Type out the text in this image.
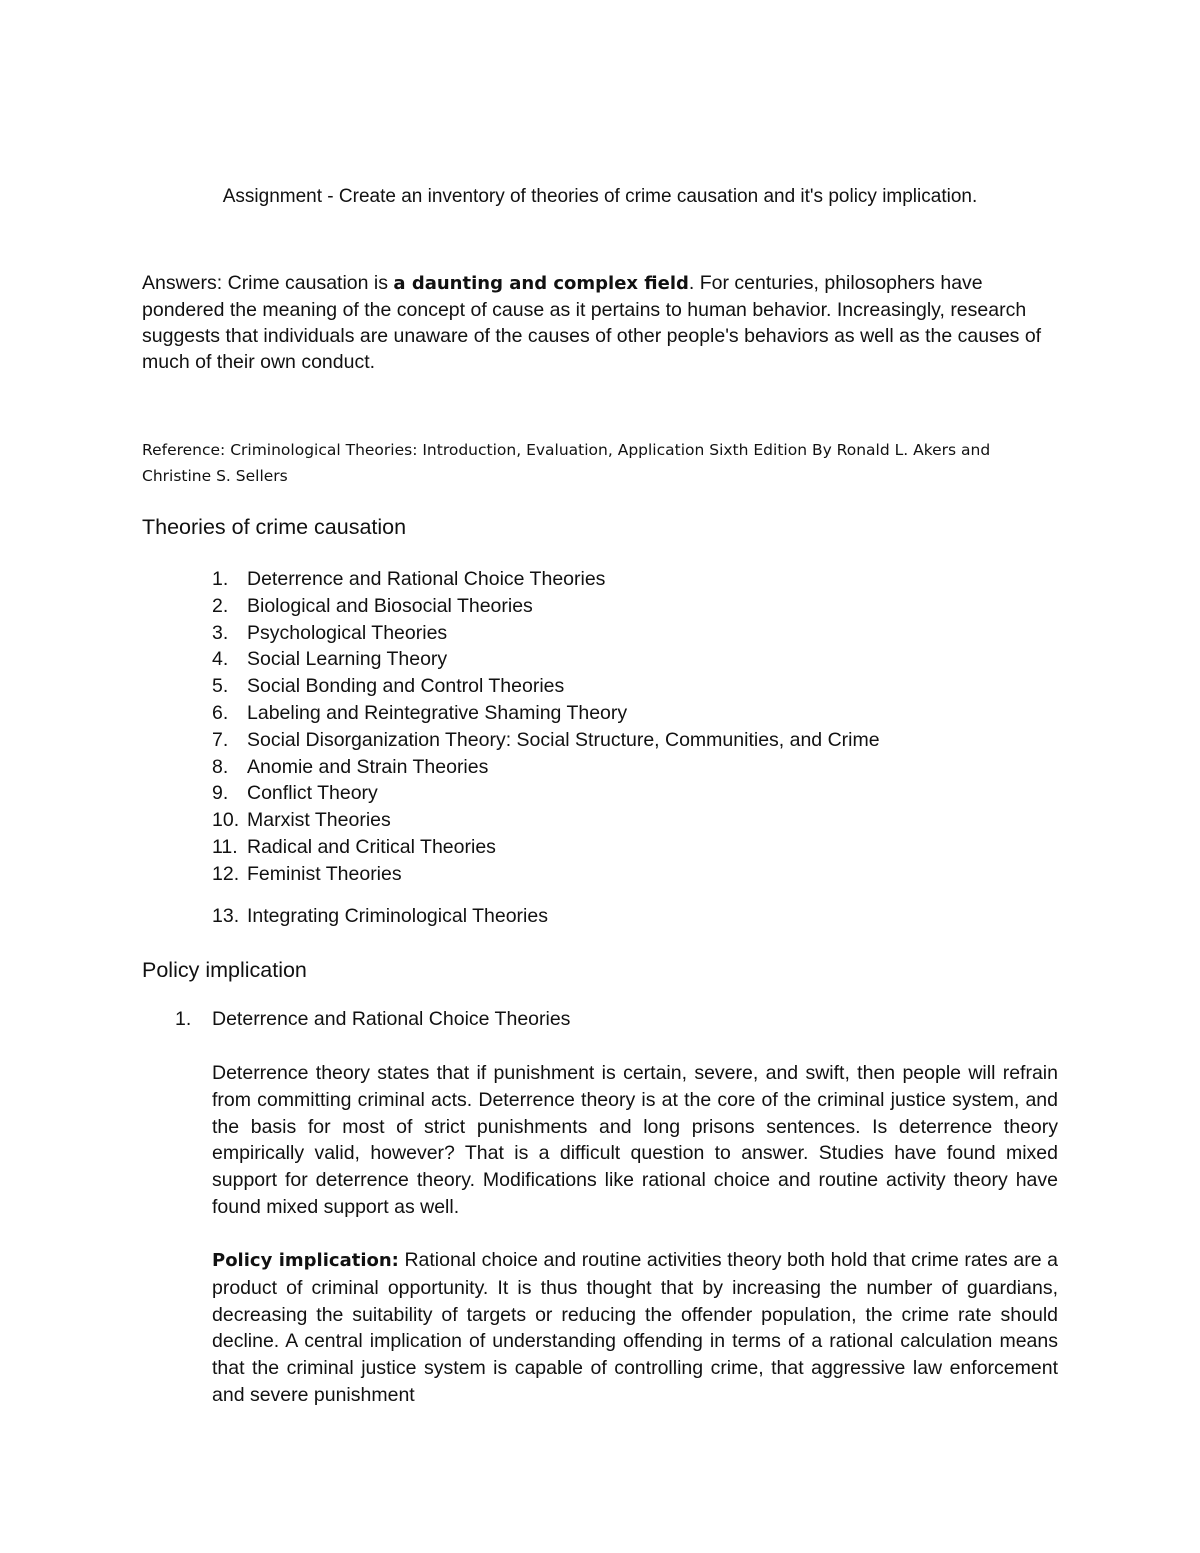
Assignment - Create an inventory of theories of crime causation and it's policy implication.

Answers: Crime causation is a daunting and complex field. For centuries, philosophers have pondered the meaning of the concept of cause as it pertains to human behavior. Increasingly, research suggests that individuals are unaware of the causes of other people's behaviors as well as the causes of much of their own conduct.

Reference: Criminological Theories: Introduction, Evaluation, Application Sixth Edition By Ronald L. Akers and Christine S. Sellers
Theories of crime causation
1. Deterrence and Rational Choice Theories
2. Biological and Biosocial Theories
3. Psychological Theories
4. Social Learning Theory
5. Social Bonding and Control Theories
6. Labeling and Reintegrative Shaming Theory
7. Social Disorganization Theory: Social Structure, Communities, and Crime
8. Anomie and Strain Theories
9. Conflict Theory
10. Marxist Theories
11. Radical and Critical Theories
12. Feminist Theories
13. Integrating Criminological Theories
Policy implication
1. Deterrence and Rational Choice Theories

Deterrence theory states that if punishment is certain, severe, and swift, then people will refrain from committing criminal acts. Deterrence theory is at the core of the criminal justice system, and the basis for most of strict punishments and long prisons sentences. Is deterrence theory empirically valid, however? That is a difficult question to answer. Studies have found mixed support for deterrence theory. Modifications like rational choice and routine activity theory have found mixed support as well.

Policy implication: Rational choice and routine activities theory both hold that crime rates are a product of criminal opportunity. It is thus thought that by increasing the number of guardians, decreasing the suitability of targets or reducing the offender population, the crime rate should decline. A central implication of understanding offending in terms of a rational calculation means that the criminal justice system is capable of controlling crime, that aggressive law enforcement and severe punishment
